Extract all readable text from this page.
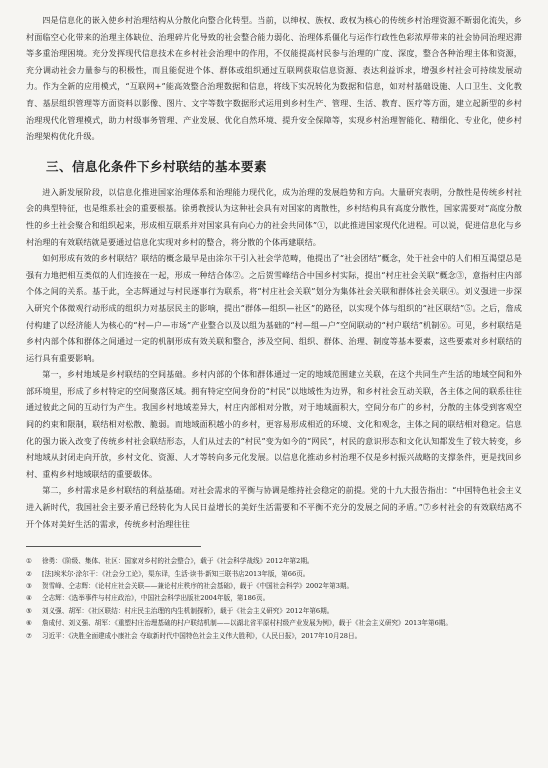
四是信息化的嵌入使乡村治理结构从分散化向整合化转型。当前，以绅权、族权、政权为核心的传统乡村治理资源不断弱化流失，乡村面临空心化带来的治理主体缺位、治理碎片化导致的社会整合能力弱化、治理体系僵化与运作行政性色彩浓厚带来的社会协同治理迟滞等多重治理困境。充分发挥现代信息技术在乡村社会治理中的作用，不仅能提高村民参与治理的广度、深度，整合各种治理主体和资源，充分调动社会力量参与的积极性，而且能促进个体、群体或组织通过互联网获取信息资源、表达利益诉求，增强乡村社会可持续发展动力。作为全新的应用模式，“互联网+”能高效整合治理数据和信息，将线下实况转化为数据和信息，如对村基础设施、人口卫生、文化教育、基层组织管理等方面资料以影像、图片、文字等数字数据形式运用到乡村生产、管理、生活、教育、医疗等方面，建立起新型的乡村治理现代化管理模式，助力村级事务管理、产业发展、优化自然环境、提升安全保障等，实现乡村治理智能化、精细化、专业化，使乡村治理架构优化升级。

三、信息化条件下乡村联结的基本要素

进入新发展阶段，以信息化推进国家治理体系和治理能力现代化，成为治理的发展趋势和方向。大量研究表明，分散性是传统乡村社会的典型特征，也是维系社会的重要根基。徐勇教授认为这种社会具有对国家的离散性，乡村结构具有高度分散性，国家需要对“高度分散性的乡土社会聚合和组织起来，形成相互联系并对国家具有向心力的社会共同体”①，以此推进国家现代化进程。可以说，促进信息化与乡村治理的有效联结就是要通过信息化实现对乡村的整合，将分散的个体再建联结。

如何形成有效的乡村联结？联结的概念最早是由涂尔干引入社会学范畴，他提出了“社会团结”概念，处于社会中的人们相互渴望总是强有力地把相互类似的人们连接在一起，形成一种结合体②。之后贺雪峰结合中国乡村实际，提出“村庄社会关联”概念③，意指村庄内部个体之间的关系。基于此，全志辉通过与村民逐事行为联系，将“村庄社会关联”划分为集体社会关联和群体社会关联④。刘义强进一步深入研究个体微观行动形成的组织力对基层民主的影响，提出“群体—组织—社区”的路径，以实现个体与组织的“社区联结”⑤。之后，詹成付构建了以经济能人为核心的“村—户—市场”产业整合以及以组为基础的“村—组—户”空间联动的“村户联结”机制⑥。可见，乡村联结是乡村内部个体和群体之间通过一定的机制形成有效关联和整合，涉及空间、组织、群体、治理、制度等基本要素，这些要素对乡村联结的运行具有重要影响。

第一，乡村地域是乡村联结的空间基础。乡村内部的个体和群体通过一定的地域范围建立关联，在这个共同生产生活的地域空间和外部环境里，形成了乡村特定的空间聚落区域。拥有特定空间身份的“村民”以地域性为边界，和乡村社会互动关联，各主体之间的联系往往通过彼此之间的互动行为产生。我国乡村地域差异大，村庄内部相对分散，对于地域面积大，空间分布广的乡村，分散的主体受到客观空间的约束和限制，联结相对松散、脆弱。而地域面积越小的乡村，更容易形成相近的环境、文化和观念，主体之间的联结相对稳定。信息化的强力嵌入改变了传统乡村社会联结形态，人们从过去的“村民”变为如今的“网民”，村民的意识形态和文化认知都发生了较大转变，乡村地域从封闭走向开放，乡村文化、资源、人才等转向多元化发展。以信息化推动乡村治理不仅是乡村振兴战略的支撑条件，更是找回乡村、重构乡村地域联结的重要载体。

第二，乡村需求是乡村联结的利益基础。对社会需求的平衡与协调是维持社会稳定的前提。党的十九大报告指出：“中国特色社会主义进入新时代，我国社会主要矛盾已经转化为人民日益增长的美好生活需要和不平衡不充分的发展之间的矛盾。”⑦乡村社会的有效联结离不开个体对美好生活的需求，传统乡村治理往往

①	徐勇：《阶级、集体、社区：国家对乡村的社会整合》，载于《社会科学战线》2012年第2期。
②	[法]埃米尔·涂尔干：《社会分工论》，渠东译，生活·读书·新知三联书店2013年版，第66页。
③	贺雪峰、仝志辉：《论村庄社会关联——兼论村庄秩序的社会基础》，载于《中国社会科学》2002年第3期。
④	仝志辉：《选举事件与村庄政治》，中国社会科学出版社2004年版，第186页。
⑤	刘义强、胡军：《社区联结：村庄民主治理的内生机制探析》，载于《社会主义研究》2012年第6期。
⑥	詹成付、刘义强、胡军：《重塑村庄治理基础的村户联结机制——以湖北省平原村村级产业发展为例》，载于《社会主义研究》2013年第6期。
⑦	习近平：《决胜全面建成小康社会 夺取新时代中国特色社会主义伟大胜利》，《人民日报》，2017年10月28日。
